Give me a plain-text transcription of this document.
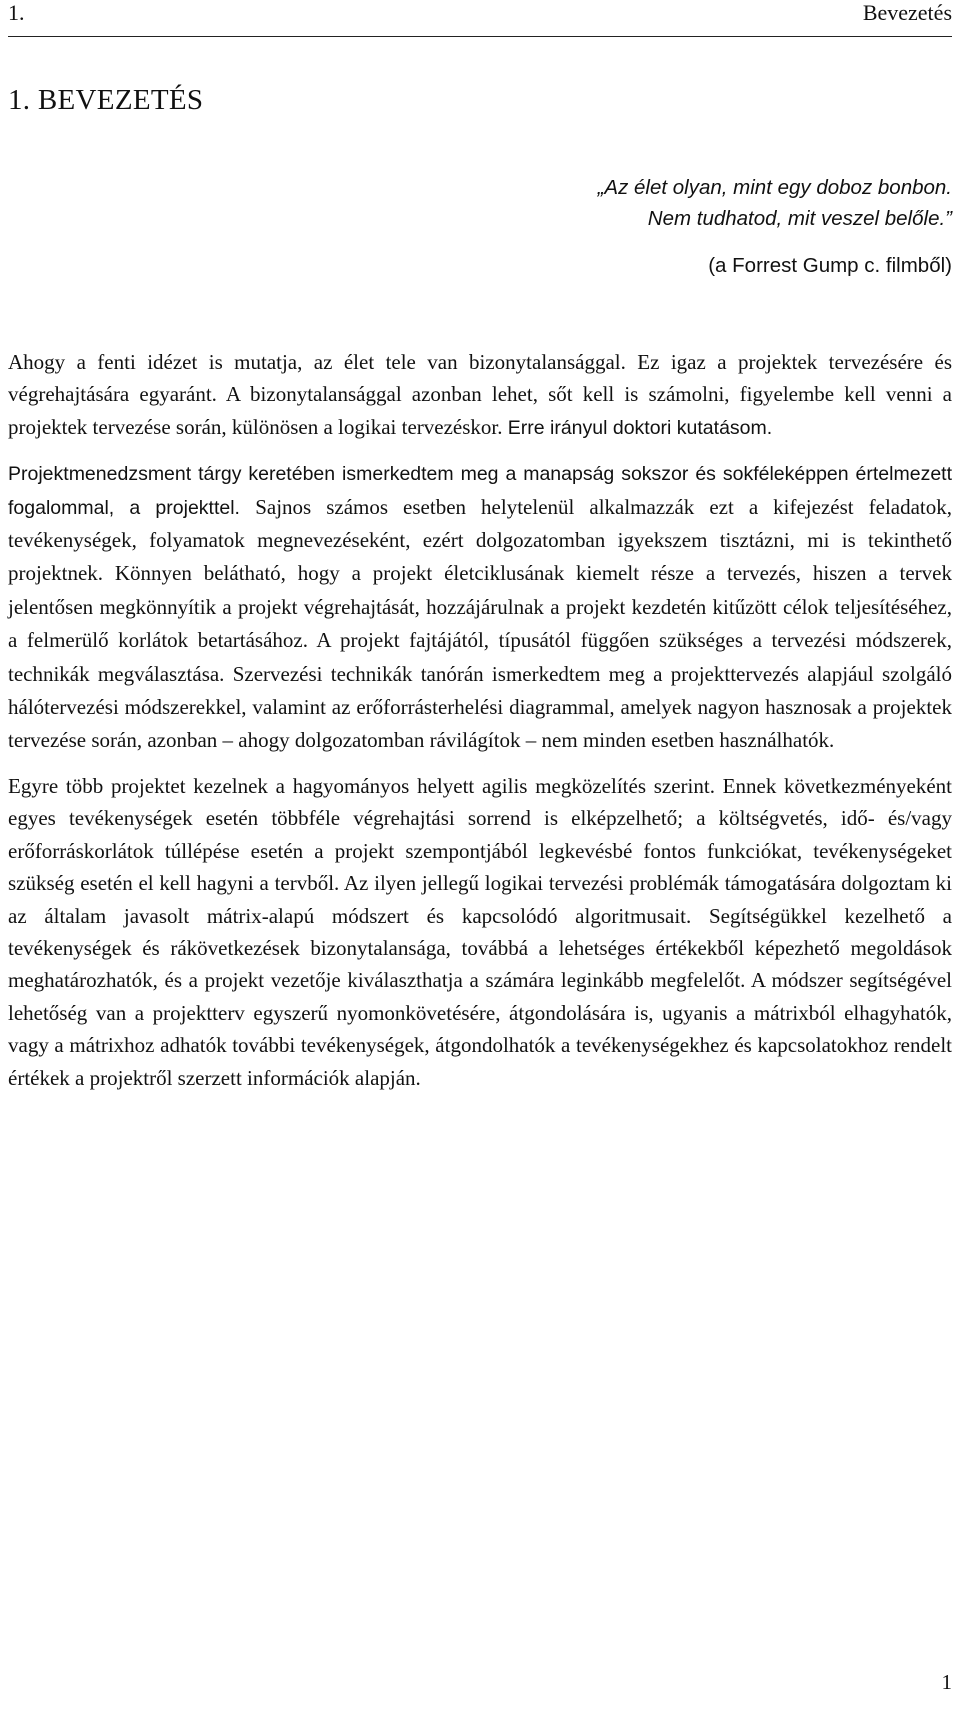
1.	Bevezetés
1. BEVEZETÉS
„Az élet olyan, mint egy doboz bonbon.
Nem tudhatod, mit veszel belőle.”
(a Forrest Gump c. filmből)

Ahogy a fenti idézet is mutatja, az élet tele van bizonytalansággal. Ez igaz a projektek tervezésére és végrehajtására egyaránt. A bizonytalansággal azonban lehet, sőt kell is számolni, figyelembe kell venni a projektek tervezése során, különösen a logikai tervezéskor. Erre irányul doktori kutatásom.

Projektmenedzsment tárgy keretében ismerkedtem meg a manapság sokszor és sokféleképpen értelmezett fogalommal, a projekttel. Sajnos számos esetben helytelenül alkalmazzák ezt a kifejezést feladatok, tevékenységek, folyamatok megnevezéseként, ezért dolgozatomban igyekszem tisztázni, mi is tekinthető projektnek. Könnyen belátható, hogy a projekt életciklusának kiemelt része a tervezés, hiszen a tervek jelentősen megkönnyítik a projekt végrehajtását, hozzájárulnak a projekt kezdetén kitűzött célok teljesítéséhez, a felmerülő korlátok betartásához. A projekt fajtájától, típusától függően szükséges a tervezési módszerek, technikák megválasztása. Szervezési technikák tanórán ismerkedtem meg a projekttervezés alapjául szolgáló hálótervezési módszerekkel, valamint az erőforrásterhelési diagrammal, amelyek nagyon hasznosak a projektek tervezése során, azonban – ahogy dolgozatomban rávilágítok – nem minden esetben használhatók.

Egyre több projektet kezelnek a hagyományos helyett agilis megközelítés szerint. Ennek következményeként egyes tevékenységek esetén többféle végrehajtási sorrend is elképzelhető; a költségvetés, idő- és/vagy erőforráskorlátok túllépése esetén a projekt szempontjából legkevésbé fontos funkciókat, tevékenységeket szükség esetén el kell hagyni a tervből. Az ilyen jellegű logikai tervezési problémák támogatására dolgoztam ki az általam javasolt mátrix-alapú módszert és kapcsolódó algoritmusait. Segítségükkel kezelhető a tevékenységek és rákövetkezések bizonytalansága, továbbá a lehetséges értékekből képezhető megoldások meghatározhatók, és a projekt vezetője kiválaszthatja a számára leginkább megfelelőt. A módszer segítségével lehetőség van a projektterv egyszerű nyomonkövetésére, átgondolására is, ugyanis a mátrixból elhagyhatók, vagy a mátrixhoz adhatók további tevékenységek, átgondolhatók a tevékenységekhez és kapcsolatokhoz rendelt értékek a projektről szerzett információk alapján.

1
